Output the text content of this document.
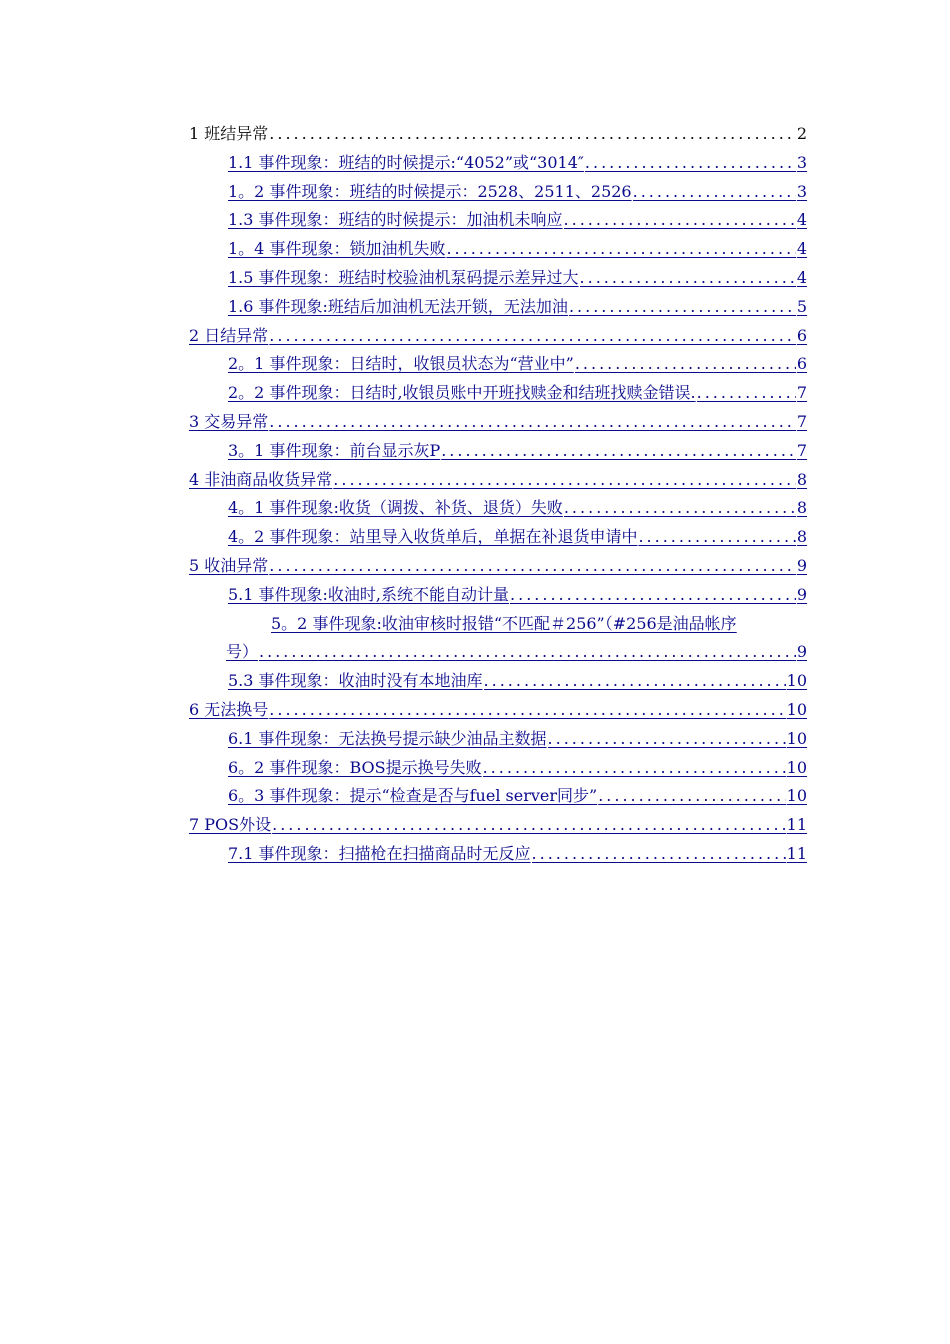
1 班结异常 .....	2
1.1 事件现象：班结的时候提示:“4052”或“3014″ .....	3
1。2 事件现象：班结的时候提示：2528、2511、2526 .....	3
1.3 事件现象：班结的时候提示：加油机未响应 .....	4
1。4 事件现象：锁加油机失败 .....	4
1.5 事件现象：班结时校验油机泵码提示差异过大 .....	4
1.6 事件现象:班结后加油机无法开锁，无法加油 .....	5
2 日结异常 .....	6
2。1 事件现象：日结时，收银员状态为“营业中” .....	6
2。2 事件现象：日结时,收银员账中开班找赎金和结班找赎金错误. .....	7
3 交易异常 .....	7
3。1 事件现象：前台显示灰P .....	7
4 非油商品收货异常 .....	8
4。1 事件现象:收货（调拨、补货、退货）失败 .....	8
4。2 事件现象：站里导入收货单后，单据在补退货申请中 .....	8
5 收油异常 .....	9
5.1 事件现象:收油时,系统不能自动计量 .....	9
5。2 事件现象:收油审核时报错“不匹配＃256”（#256是油品帐序
号） .....	9
5.3 事件现象：收油时没有本地油库 .....	10
6 无法换号 .....	10
6.1 事件现象：无法换号提示缺少油品主数据 .....	10
6。2 事件现象：BOS提示换号失败 .....	10
6。3 事件现象：提示“检查是否与fuel server同步” .....	10
7 POS外设 .....	11
7.1 事件现象：扫描枪在扫描商品时无反应 .....	11
